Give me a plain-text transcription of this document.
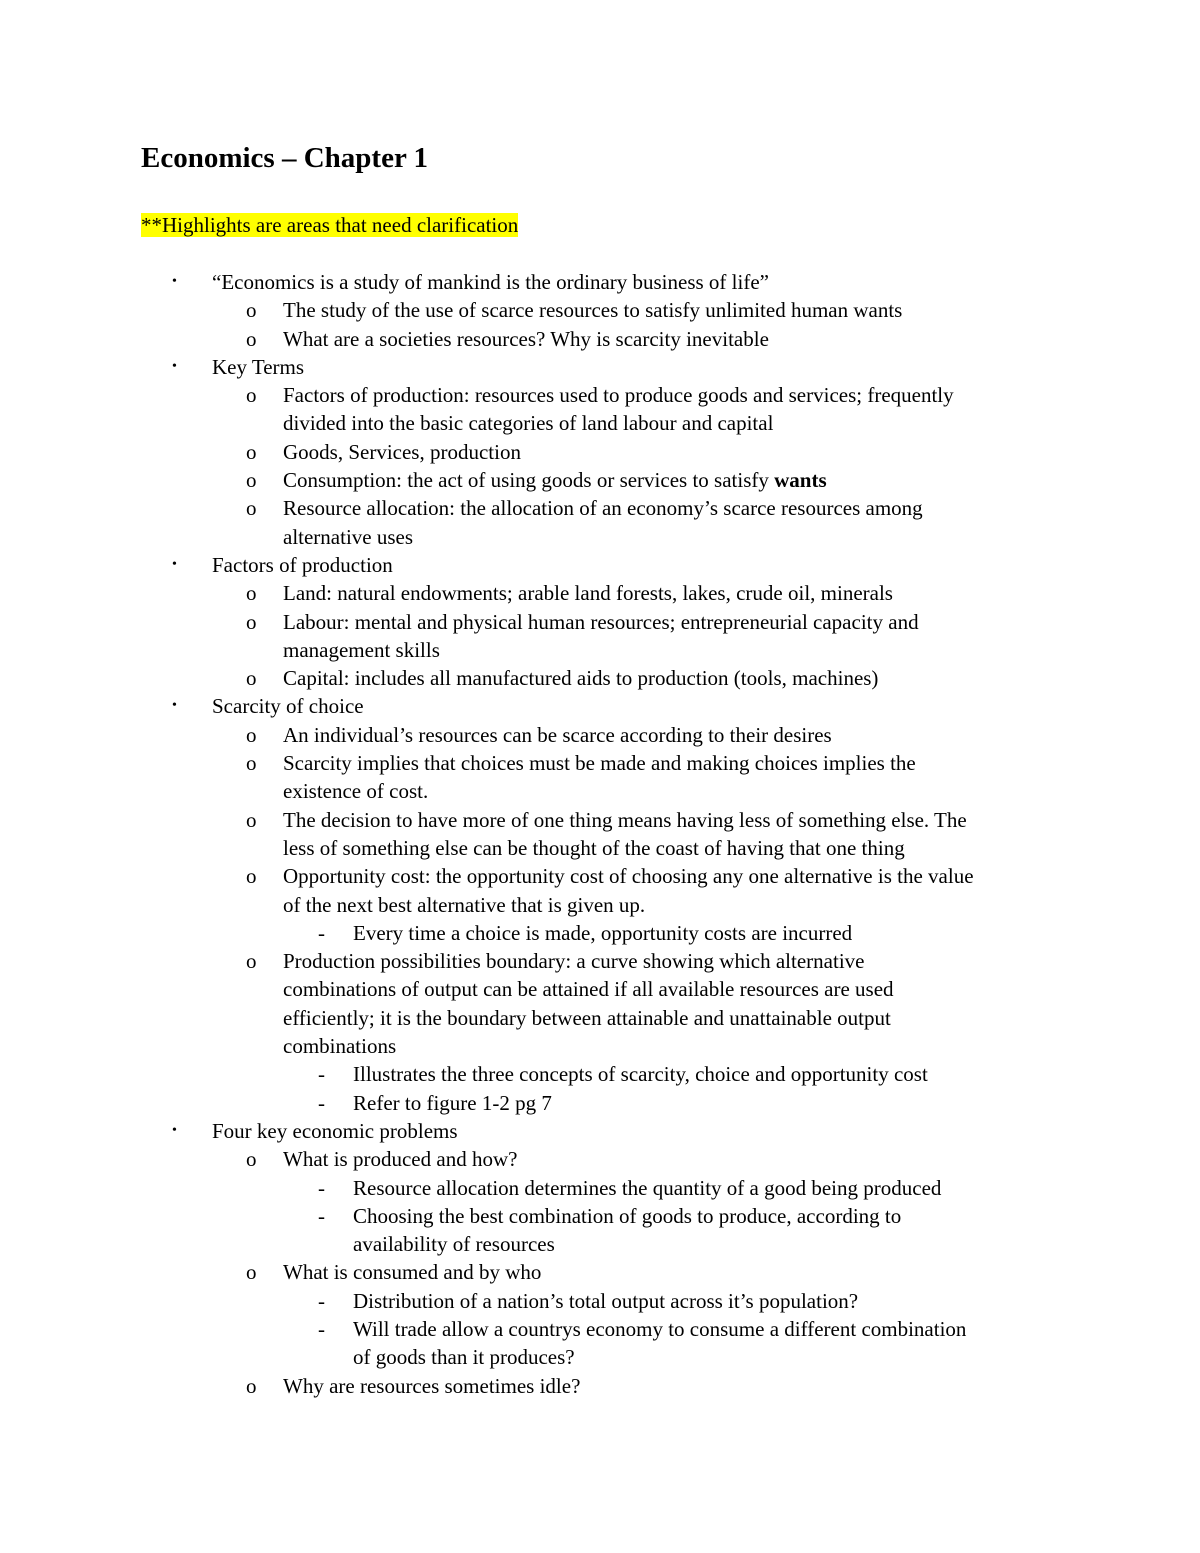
Economics – Chapter 1
**Highlights are areas that need clarification
• “Economics is a study of mankind is the ordinary business of life”
o The study of the use of scarce resources to satisfy unlimited human wants
o What are a societies resources? Why is scarcity inevitable
• Key Terms
o Factors of production: resources used to produce goods and services; frequently
divided into the basic categories of land labour and capital
o Goods, Services, production
o Consumption: the act of using goods or services to satisfy wants
o Resource allocation: the allocation of an economy’s scarce resources among
alternative uses
• Factors of production
o Land: natural endowments; arable land forests, lakes, crude oil, minerals
o Labour: mental and physical human resources; entrepreneurial capacity and
management skills
o Capital: includes all manufactured aids to production (tools, machines)
• Scarcity of choice
o An individual’s resources can be scarce according to their desires
o Scarcity implies that choices must be made and making choices implies the
existence of cost.
o The decision to have more of one thing means having less of something else. The
less of something else can be thought of the coast of having that one thing
o Opportunity cost: the opportunity cost of choosing any one alternative is the value
of the next best alternative that is given up.
- Every time a choice is made, opportunity costs are incurred
o Production possibilities boundary: a curve showing which alternative
combinations of output can be attained if all available resources are used
efficiently; it is the boundary between attainable and unattainable output
combinations
- Illustrates the three concepts of scarcity, choice and opportunity cost
- Refer to figure 1-2 pg 7
• Four key economic problems
o What is produced and how?
- Resource allocation determines the quantity of a good being produced
- Choosing the best combination of goods to produce, according to
availability of resources
o What is consumed and by who
- Distribution of a nation’s total output across it’s population?
- Will trade allow a countrys economy to consume a different combination
of goods than it produces?
o Why are resources sometimes idle?
